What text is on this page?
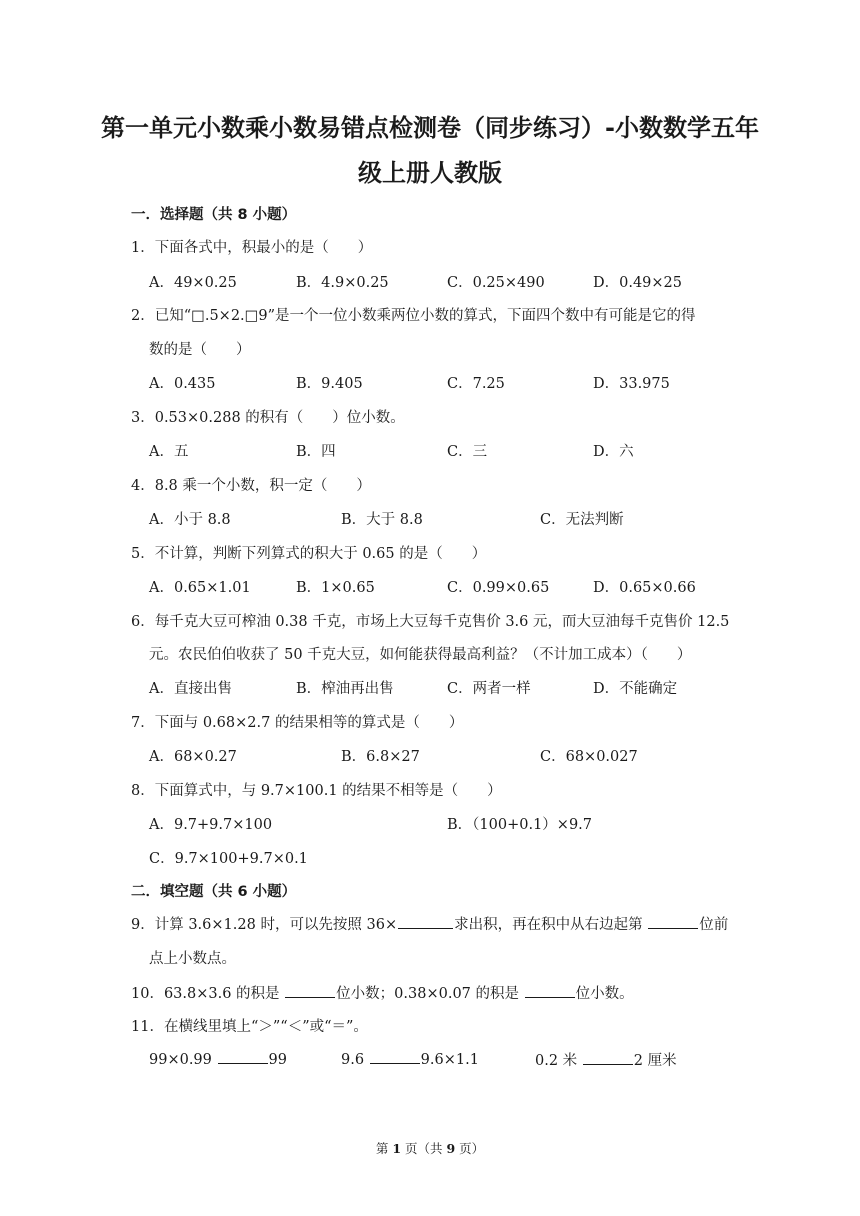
第一单元小数乘小数易错点检测卷（同步练习）-小数数学五年
级上册人教版
一．选择题（共 8 小题）
1．下面各式中，积最小的是（　　）
A．49×0.25	B．4.9×0.25	C．0.25×490	D．0.49×25
2．已知“□.5×2.□9”是一个一位小数乘两位小数的算式，下面四个数中有可能是它的得
数的是（　　）
A．0.435	B．9.405	C．7.25	D．33.975
3．0.53×0.288 的积有（　　）位小数。
A．五	B．四	C．三	D．六
4．8.8 乘一个小数，积一定（　　）
A．小于 8.8	B．大于 8.8	C．无法判断
5．不计算，判断下列算式的积大于 0.65 的是（　　）
A．0.65×1.01	B．1×0.65	C．0.99×0.65	D．0.65×0.66
6．每千克大豆可榨油 0.38 千克，市场上大豆每千克售价 3.6 元，而大豆油每千克售价 12.5
元。农民伯伯收获了 50 千克大豆，如何能获得最高利益？（不计加工成本）（　　）
A．直接出售	B．榨油再出售	C．两者一样	D．不能确定
7．下面与 0.68×2.7 的结果相等的算式是（　　）
A．68×0.27	B．6.8×27	C．68×0.027
8．下面算式中，与 9.7×100.1 的结果不相等是（　　）
A．9.7+9.7×100	B．（100+0.1）×9.7
C．9.7×100+9.7×0.1
二．填空题（共 6 小题）
9．计算 3.6×1.28 时，可以先按照 36×	求出积，再在积中从右边起第	位前
点上小数点。
10．63.8×3.6 的积是	位小数；0.38×0.07 的积是	位小数。
11．在横线里填上“＞”“＜”或“＝”。
99×0.99	99	9.6	9.6×1.1	0.2 米	2 厘米
第 1 页（共 9 页）
